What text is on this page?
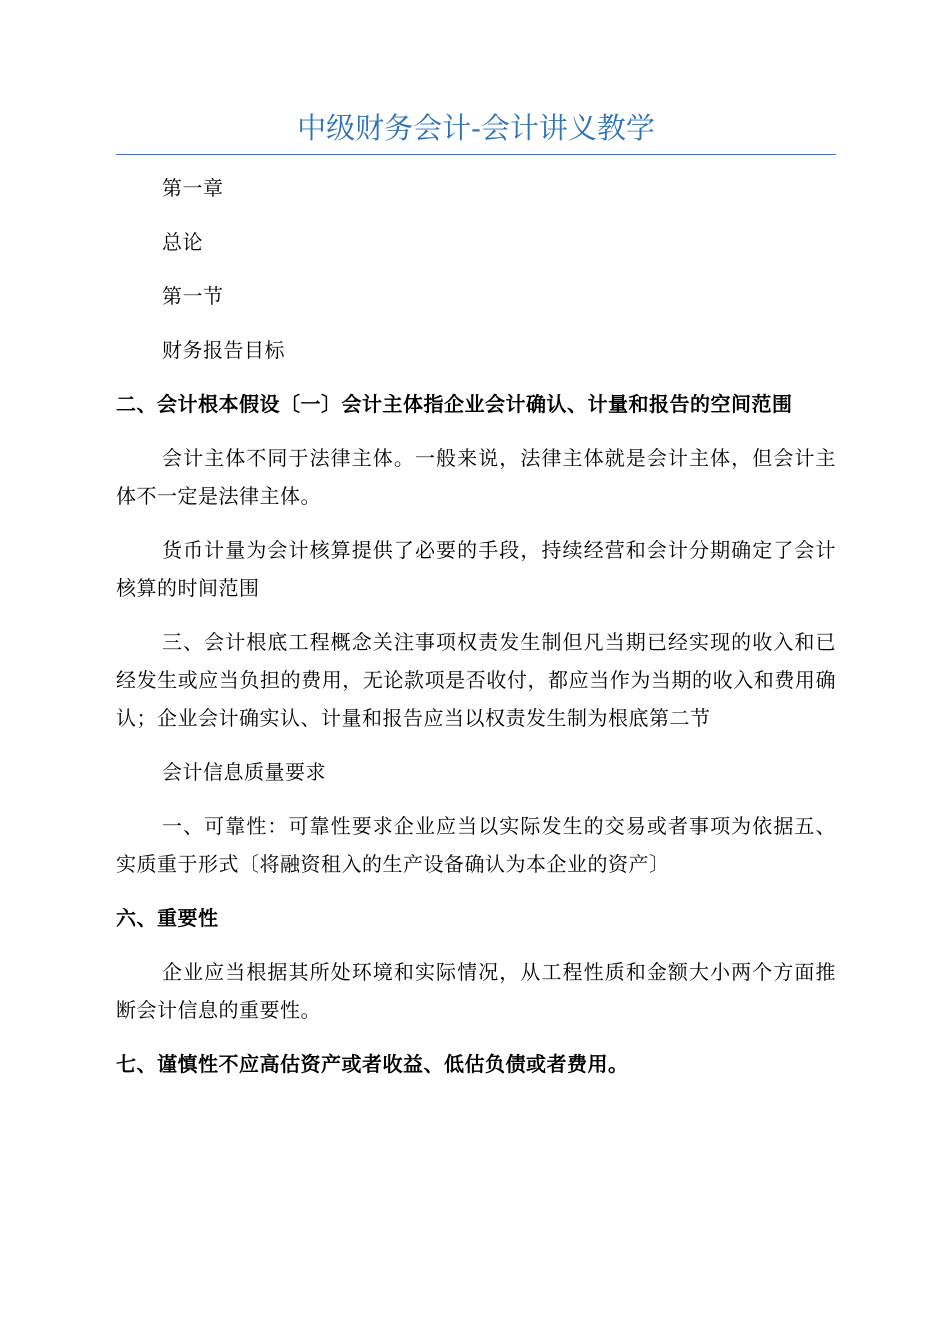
中级财务会计-会计讲义教学

第一章

总论

第一节

财务报告目标

二、会计根本假设〔一〕会计主体指企业会计确认、计量和报告的空间范围

会计主体不同于法律主体。一般来说，法律主体就是会计主体，但会计主体不一定是法律主体。

货币计量为会计核算提供了必要的手段，持续经营和会计分期确定了会计核算的时间范围

三、会计根底工程概念关注事项权责发生制但凡当期已经实现的收入和已经发生或应当负担的费用，无论款项是否收付，都应当作为当期的收入和费用确认；企业会计确实认、计量和报告应当以权责发生制为根底第二节

会计信息质量要求

一、可靠性：可靠性要求企业应当以实际发生的交易或者事项为依据五、实质重于形式〔将融资租入的生产设备确认为本企业的资产〕

六、重要性

企业应当根据其所处环境和实际情况，从工程性质和金额大小两个方面推断会计信息的重要性。

七、谨慎性不应高估资产或者收益、低估负债或者费用。
